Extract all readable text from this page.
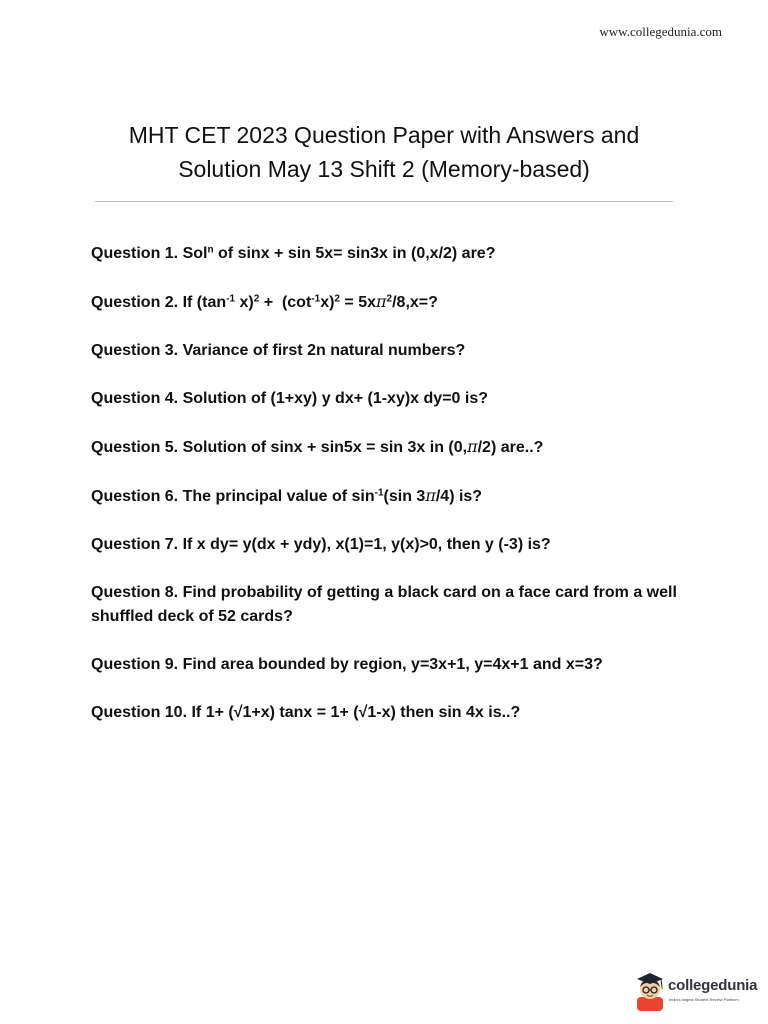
www.collegedunia.com
MHT CET 2023 Question Paper with Answers and
Solution May 13 Shift 2 (Memory-based)

Question 1. Sol$^n$ of sinx + sin 5x= sin3x in (0,x/2) are?

Question 2. If ($\tan^{-1}$ $x)^2 + (\cot^{-1}x)^2 = 5x\pi^2/8,x=$?

Question 3. Variance of first 2n natural numbers?

Question 4. Solution of (1+xy) y dx+ (1-xy)x dy=0 is?

Question 5. Solution of sinx + sin5x = sin 3x in (0,π/2) are..?

Question 6. The principal value of $\sin^{-1}(\sin$ 3π/4) is?

Question 7. If x dy= y(dx + ydy), x(1)=1, y(x)>0, then y (-3) is?

Question 8. Find probability of getting a black card on a face card from a well shuffled deck of 52 cards?

Question 9. Find area bounded by region, y=3x+1, y=4x+1 and x=3?

Question 10. If 1+ (√1+x) tanx = 1+ (√1-x) then sin 4x is..?

collegedunia
India's largest Student Review Platform
